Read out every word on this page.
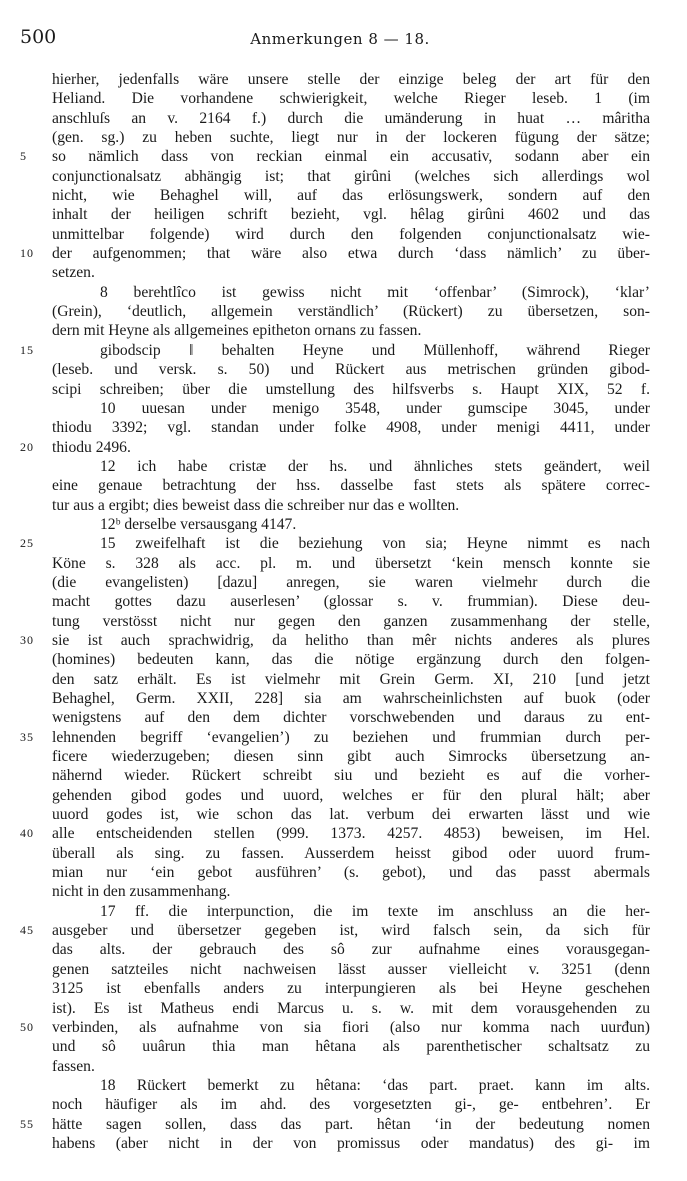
500	Anmerkungen 8 — 18.
hierher, jedenfalls wäre unsere stelle der einzige beleg der art für den
Heliand. Die vorhandene schwierigkeit, welche Rieger leseb. 1 (im
anschluſs an v. 2164 f.) durch die umänderung in huat … mâritha
(gen. sg.) zu heben suchte, liegt nur in der lockeren fügung der sätze;
5	so nämlich dass von reckian einmal ein accusativ, sodann aber ein
conjunctionalsatz abhängig ist; that girûni (welches sich allerdings wol
nicht, wie Behaghel will, auf das erlösungswerk, sondern auf den
inhalt der heiligen schrift bezieht, vgl. hêlag girûni 4602 und das
unmittelbar folgende) wird durch den folgenden conjunctionalsatz wie-
10	der aufgenommen; that wäre also etwa durch ‘dass nämlich’ zu über-
setzen.
8 berehtlîco ist gewiss nicht mit ‘offenbar’ (Simrock), ‘klar’
(Grein), ‘deutlich, allgemein verständlich’ (Rückert) zu übersetzen, son-
dern mit Heyne als allgemeines epitheton ornans zu fassen.
15	gibodscip ‖ behalten Heyne und Müllenhoff, während Rieger
(leseb. und versk. s. 50) und Rückert aus metrischen gründen gibod-
scipi schreiben; über die umstellung des hilfsverbs s. Haupt XIX, 52 f.
10 uuesan under menigo 3548, under gumscipe 3045, under
thiodu 3392; vgl. standan under folke 4908, under menigi 4411, under
20	thiodu 2496.
12 ich habe cristæ der hs. und ähnliches stets geändert, weil
eine genaue betrachtung der hss. dasselbe fast stets als spätere correc-
tur aus a ergibt; dies beweist dass die schreiber nur das e wollten.
12ᵇ derselbe versausgang 4147.
25	15 zweifelhaft ist die beziehung von sia; Heyne nimmt es nach
Köne s. 328 als acc. pl. m. und übersetzt ‘kein mensch konnte sie
(die evangelisten) [dazu] anregen, sie waren vielmehr durch die
macht gottes dazu auserlesen’ (glossar s. v. frummian). Diese deu-
tung verstösst nicht nur gegen den ganzen zusammenhang der stelle,
30	sie ist auch sprachwidrig, da helitho than mêr nichts anderes als plures
(homines) bedeuten kann, das die nötige ergänzung durch den folgen-
den satz erhält. Es ist vielmehr mit Grein Germ. XI, 210 [und jetzt
Behaghel, Germ. XXII, 228] sia am wahrscheinlichsten auf buok (oder
wenigstens auf den dem dichter vorschwebenden und daraus zu ent-
35	lehnenden begriff ‘evangelien’) zu beziehen und frummian durch per-
ficere wiederzugeben; diesen sinn gibt auch Simrocks übersetzung an-
nähernd wieder. Rückert schreibt siu und bezieht es auf die vorher-
gehenden gibod godes und uuord, welches er für den plural hält; aber
uuord godes ist, wie schon das lat. verbum dei erwarten lässt und wie
40	alle entscheidenden stellen (999. 1373. 4257. 4853) beweisen, im Hel.
überall als sing. zu fassen. Ausserdem heisst gibod oder uuord frum-
mian nur ‘ein gebot ausführen’ (s. gebot), und das passt abermals
nicht in den zusammenhang.
17 ff. die interpunction, die im texte im anschluss an die her-
45	ausgeber und übersetzer gegeben ist, wird falsch sein, da sich für
das alts. der gebrauch des sô zur aufnahme eines vorausgegan-
genen satzteiles nicht nachweisen lässt ausser vielleicht v. 3251 (denn
3125 ist ebenfalls anders zu interpungieren als bei Heyne geschehen
ist). Es ist Matheus endi Marcus u. s. w. mit dem vorausgehenden zu
50	verbinden, als aufnahme von sia fiori (also nur komma nach uurđun)
und sô uuârun thia man hêtana als parenthetischer schaltsatz zu
fassen.
18 Rückert bemerkt zu hêtana: ‘das part. praet. kann im alts.
noch häufiger als im ahd. des vorgesetzten gi-, ge- entbehren’. Er
55	hätte sagen sollen, dass das part. hêtan ‘in der bedeutung nomen
habens (aber nicht in der von promissus oder mandatus) des gi- im
